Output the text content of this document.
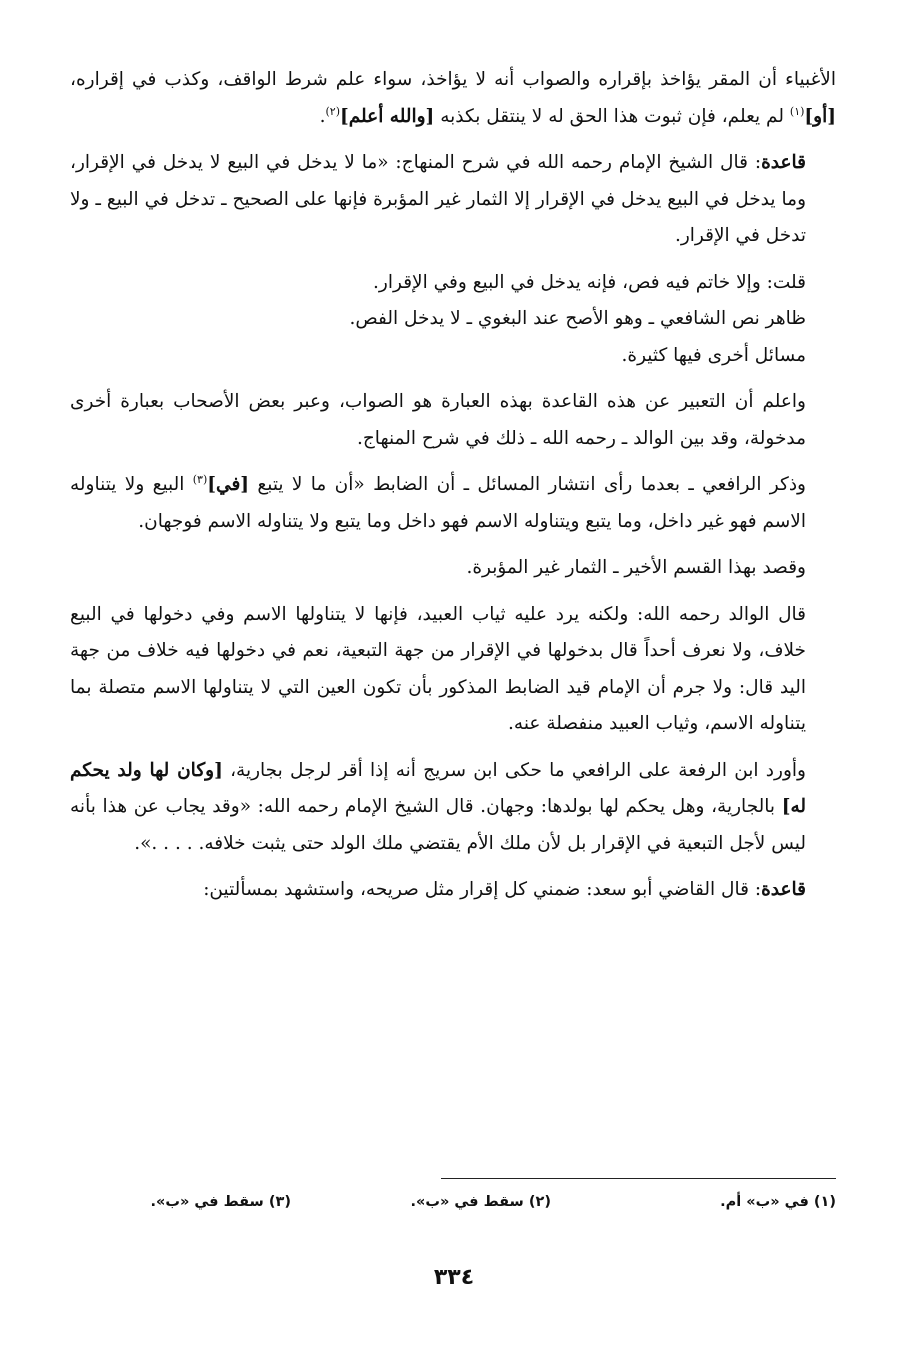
الأغبياء أن المقر يؤاخذ بإقراره والصواب أنه لا يؤاخذ، سواء علم شرط الواقف، وكذب في إقراره، [أو]$^{(١)}$ لم يعلم، فإن ثبوت هذا الحق له لا ينتقل بكذبه [والله أعلم]$^{(٢)}$.

قاعدة: قال الشيخ الإمام رحمه الله في شرح المنهاج: «ما لا يدخل في البيع لا يدخل في الإقرار، وما يدخل في البيع يدخل في الإقرار إلا الثمار غير المؤبرة فإنها على الصحيح ـ تدخل في البيع ـ ولا تدخل في الإقرار.

قلت: وإلا خاتم فيه فص، فإنه يدخل في البيع وفي الإقرار.

ظاهر نص الشافعي ـ وهو الأصح عند البغوي ـ لا يدخل الفص.

مسائل أخرى فيها كثيرة.

واعلم أن التعبير عن هذه القاعدة بهذه العبارة هو الصواب، وعبر بعض الأصحاب بعبارة أخرى مدخولة، وقد بين الوالد ـ رحمه الله ـ ذلك في شرح المنهاج.

وذكر الرافعي ـ بعدما رأى انتشار المسائل ـ أن الضابط «أن ما لا يتبع [في]$^{(٣)}$ البيع ولا يتناوله الاسم فهو غير داخل، وما يتبع ويتناوله الاسم فهو داخل وما يتبع ولا يتناوله الاسم فوجهان.

وقصد بهذا القسم الأخير ـ الثمار غير المؤبرة.

قال الوالد رحمه الله: ولكنه يرد عليه ثياب العبيد، فإنها لا يتناولها الاسم وفي دخولها في البيع خلاف، ولا نعرف أحداً قال بدخولها في الإقرار من جهة التبعية، نعم في دخولها فيه خلاف من جهة اليد قال: ولا جرم أن الإمام قيد الضابط المذكور بأن تكون العين التي لا يتناولها الاسم متصلة بما يتناوله الاسم، وثياب العبيد منفصلة عنه.

وأورد ابن الرفعة على الرافعي ما حكى ابن سريج أنه إذا أقر لرجل بجارية، [وكان لها ولد يحكم له] بالجارية، وهل يحكم لها بولدها: وجهان. قال الشيخ الإمام رحمه الله: «وقد يجاب عن هذا بأنه ليس لأجل التبعية في الإقرار بل لأن ملك الأم يقتضي ملك الولد حتى يثبت خلافه. . . . .».

قاعدة: قال القاضي أبو سعد: ضمني كل إقرار مثل صريحه، واستشهد بمسألتين:

(١) في «ب» أم.
(٢) سقط في «ب».
(٣) سقط في «ب».
٣٣٤
